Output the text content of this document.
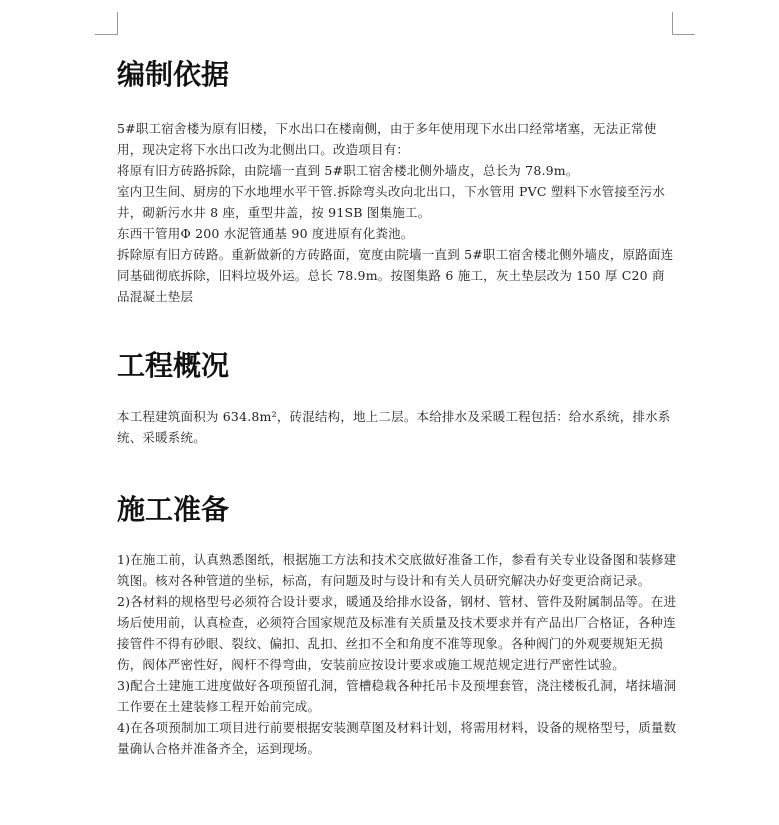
编制依据

5#职工宿舍楼为原有旧楼，下水出口在楼南侧，由于多年使用现下水出口经常堵塞，无法正常使用，现决定将下水出口改为北侧出口。改造项目有：

将原有旧方砖路拆除，由院墙一直到 5#职工宿舍楼北侧外墙皮，总长为 78.9m。

室内卫生间、厨房的下水地埋水平干管.拆除弯头改向北出口，下水管用 PVC 塑料下水管接至污水井，砌新污水井 8 座，重型井盖，按 91SB 图集施工。

东西干管用Φ 200 水泥管通基 90 度进原有化粪池。

拆除原有旧方砖路。重新做新的方砖路面，宽度由院墙一直到 5#职工宿舍楼北侧外墙皮，原路面连同基础彻底拆除，旧料垃圾外运。总长 78.9m。按图集路 6 施工，灰土垫层改为 150 厚 C20 商品混凝土垫层

工程概况

本工程建筑面积为 634.8m²，砖混结构，地上二层。本给排水及采暖工程包括：给水系统，排水系统、采暖系统。

施工准备

1)在施工前，认真熟悉图纸，根据施工方法和技术交底做好准备工作，参看有关专业设备图和装修建筑图。核对各种管道的坐标，标高，有问题及时与设计和有关人员研究解决办好变更洽商记录。

2)各材料的规格型号必须符合设计要求，暖通及给排水设备，钢材、管材、管件及附属制品等。在进场后使用前，认真检查，必须符合国家规范及标准有关质量及技术要求并有产品出厂合格证，各种连接管件不得有砂眼、裂纹、偏扣、乱扣、丝扣不全和角度不准等现象。各种阀门的外观要规矩无损伤，阀体严密性好，阀杆不得弯曲，安装前应按设计要求或施工规范规定进行严密性试验。

3)配合土建施工进度做好各项预留孔洞，管槽稳栽各种托吊卡及预埋套管，浇注楼板孔洞，堵抹墙洞工作要在土建装修工程开始前完成。

4)在各项预制加工项目进行前要根据安装测草图及材料计划，将需用材料，设备的规格型号，质量数量确认合格并准备齐全，运到现场。
